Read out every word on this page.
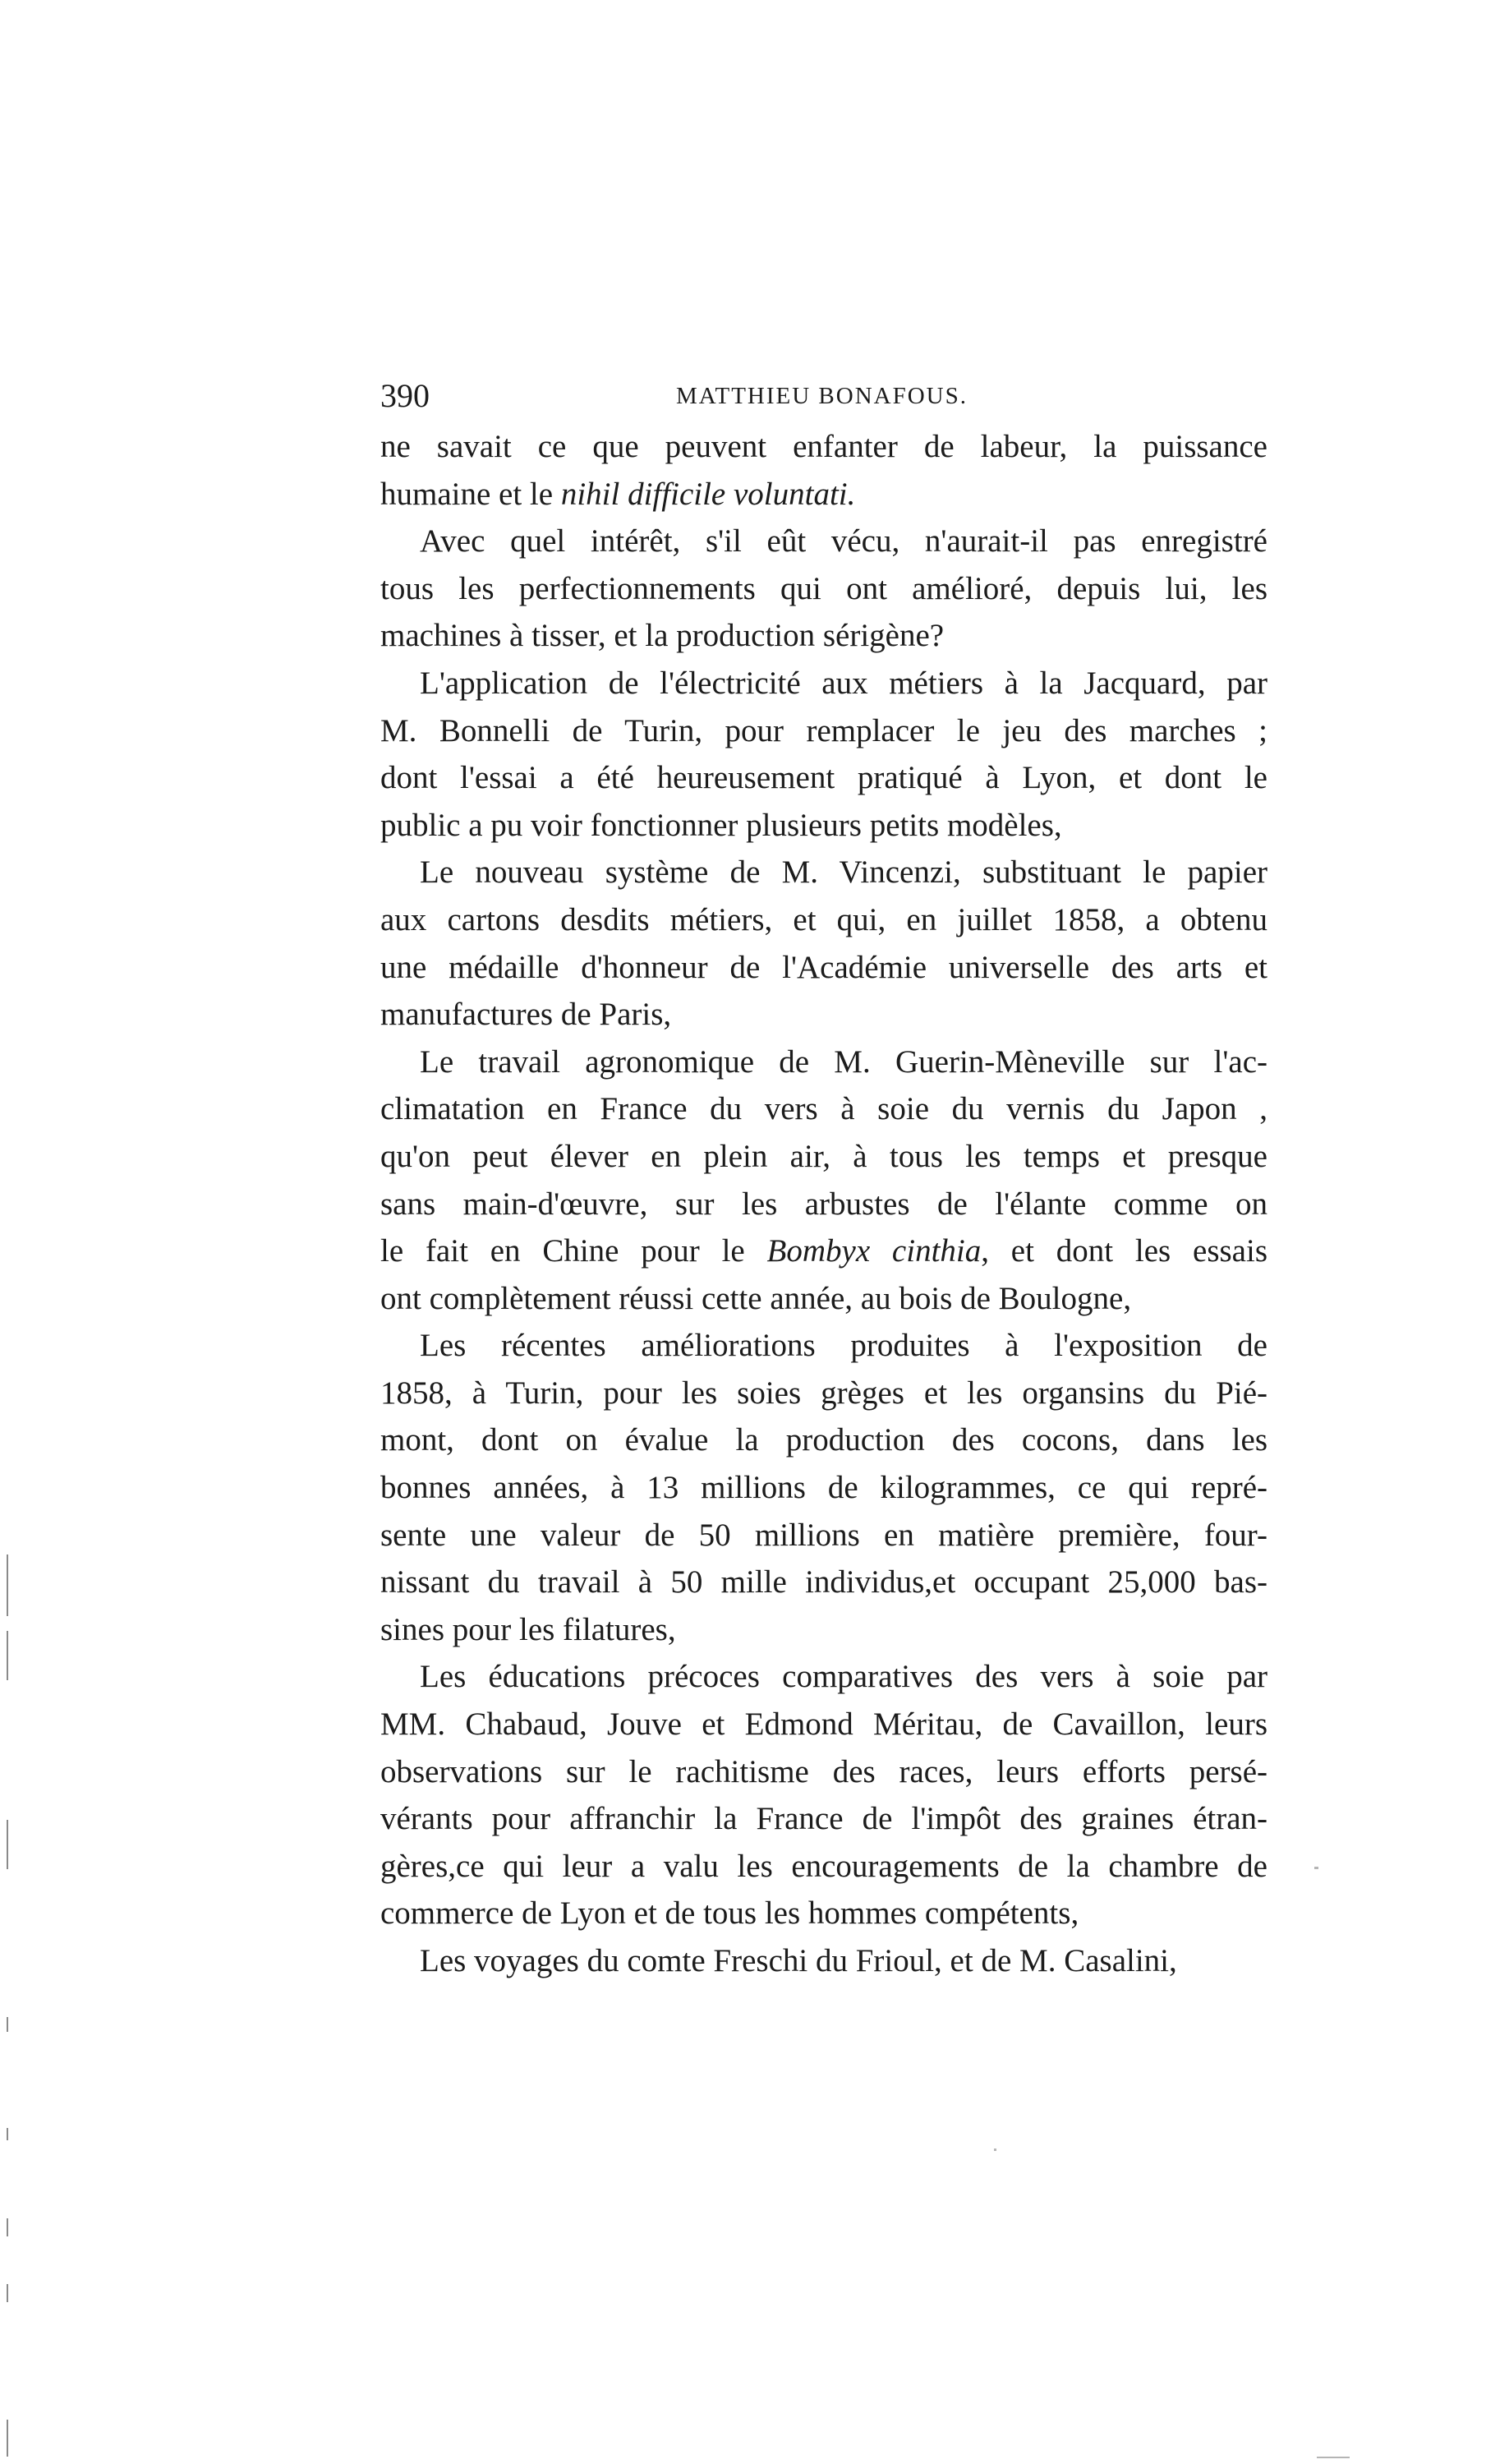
390	MATTHIEU BONAFOUS.
ne savait ce que peuvent enfanter de labeur, la puissance
humaine et le nihil difficile voluntati.
Avec quel intérêt, s'il eût vécu, n'aurait-il pas enregistré
tous les perfectionnements qui ont amélioré, depuis lui, les
machines à tisser, et la production sérigène?
L'application de l'électricité aux métiers à la Jacquard, par
M. Bonnelli de Turin, pour remplacer le jeu des marches ;
dont l'essai a été heureusement pratiqué à Lyon, et dont le
public a pu voir fonctionner plusieurs petits modèles,
Le nouveau système de M. Vincenzi, substituant le papier
aux cartons desdits métiers, et qui, en juillet 1858, a obtenu
une médaille d'honneur de l'Académie universelle des arts et
manufactures de Paris,
Le travail agronomique de M. Guerin-Mèneville sur l'ac-
climatation en France du vers à soie du vernis du Japon ,
qu'on peut élever en plein air, à tous les temps et presque
sans main-d'œuvre, sur les arbustes de l'élante comme on
le fait en Chine pour le Bombyx cinthia, et dont les essais
ont complètement réussi cette année, au bois de Boulogne,
Les récentes améliorations produites à l'exposition de
1858, à Turin, pour les soies grèges et les organsins du Pié-
mont, dont on évalue la production des cocons, dans les
bonnes années, à 13 millions de kilogrammes, ce qui repré-
sente une valeur de 50 millions en matière première, four-
nissant du travail à 50 mille individus,et occupant 25,000 bas-
sines pour les filatures,
Les éducations précoces comparatives des vers à soie par
MM. Chabaud, Jouve et Edmond Méritau, de Cavaillon, leurs
observations sur le rachitisme des races, leurs efforts persé-
vérants pour affranchir la France de l'impôt des graines étran-
gères,ce qui leur a valu les encouragements de la chambre de
commerce de Lyon et de tous les hommes compétents,
Les voyages du comte Freschi du Frioul, et de M. Casalini,
